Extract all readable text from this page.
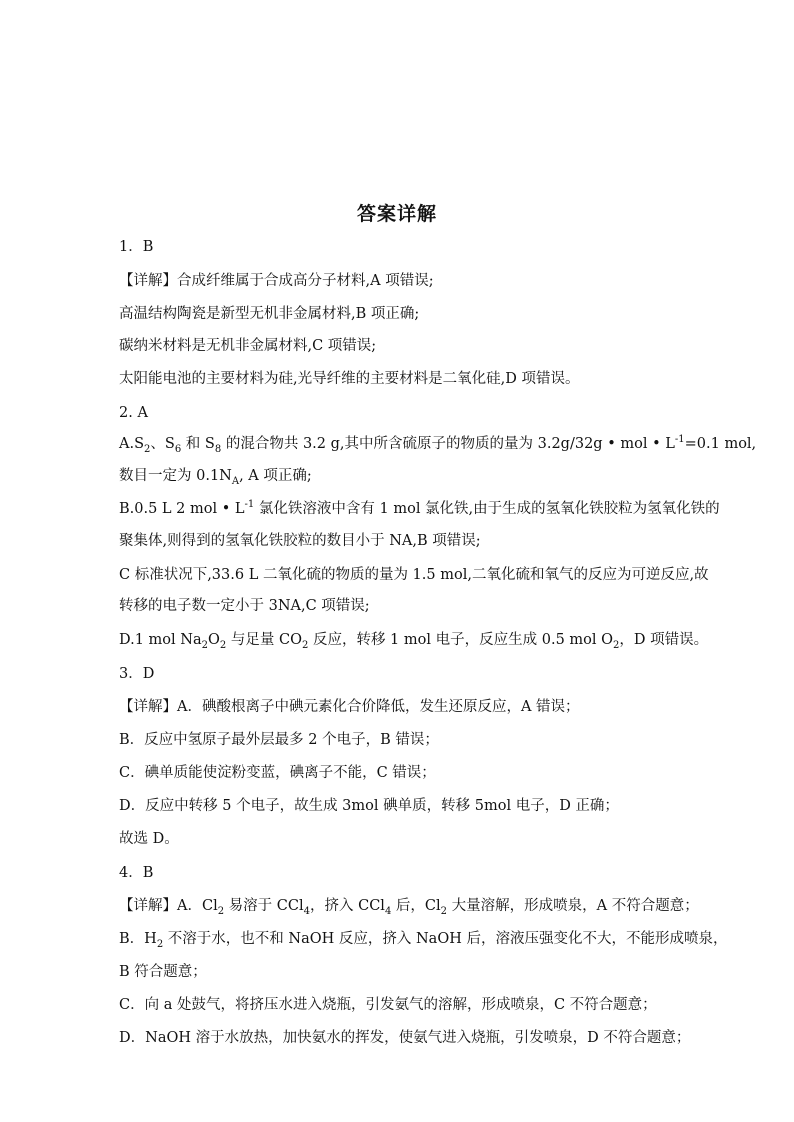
答案详解
1．B
【详解】合成纤维属于合成高分子材料,A 项错误;
高温结构陶瓷是新型无机非金属材料,B 项正确;
碳纳米材料是无机非金属材料,C 项错误;
太阳能电池的主要材料为硅,光导纤维的主要材料是二氧化硅,D 项错误。
2. A
$A.S_2$、$S_6$ 和 $S_8$ 的混合物共 3.2 g,其中所含硫原子的物质的量为 3.2g/32g • mol • $L^{-1}=0.1$ mol,
数目一定为 $0.1N_A$, A 项正确;
B.0.5 L 2 mol • $L^{-1}$ 氯化铁溶液中含有 1 mol 氯化铁,由于生成的氢氧化铁胶粒为氢氧化铁的
聚集体,则得到的氢氧化铁胶粒的数目小于 NA,B 项错误;
C 标准状况下,33.6 L 二氧化硫的物质的量为 1.5 mol,二氧化硫和氧气的反应为可逆反应,故
转移的电子数一定小于 3NA,C 项错误;
D.1 mol $Na_2O_2$ 与足量 $CO_2$ 反应，转移 1 mol 电子，反应生成 0.5 mol $O_2$，D 项错误。
3．D
【详解】A．碘酸根离子中碘元素化合价降低，发生还原反应，A 错误；
B．反应中氢原子最外层最多 2 个电子，B 错误；
C．碘单质能使淀粉变蓝，碘离子不能，C 错误；
D．反应中转移 5 个电子，故生成 3mol 碘单质，转移 5mol 电子，D 正确；
故选 D。
4．B
【详解】A．$Cl_2$ 易溶于 CCl$_4$，挤入 CCl$_4$ 后，$Cl_2$ 大量溶解，形成喷泉，A 不符合题意；
B．$H_2$ 不溶于水，也不和 NaOH 反应，挤入 NaOH 后，溶液压强变化不大，不能形成喷泉，
B 符合题意；
C．向 a 处鼓气，将挤压水进入烧瓶，引发氨气的溶解，形成喷泉，C 不符合题意；
D．NaOH 溶于水放热，加快氨水的挥发，使氨气进入烧瓶，引发喷泉，D 不符合题意；
